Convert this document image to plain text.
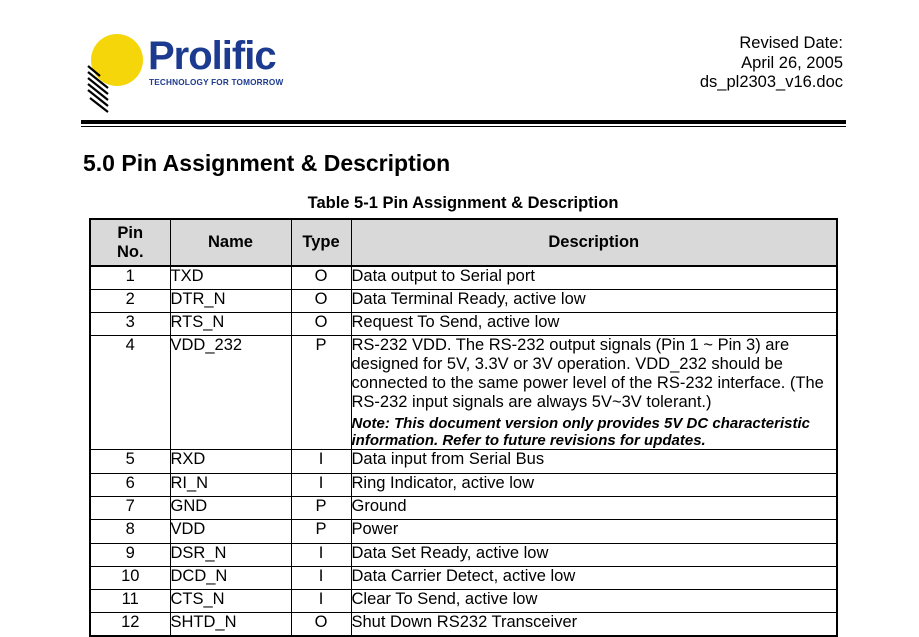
Prolific
TECHNOLOGY FOR TOMORROW
Revised Date:
April 26, 2005
ds_pl2303_v16.doc
5.0 Pin Assignment & Description
Table 5-1 Pin Assignment & Description
Pin
No.	Name	Type	Description
1	TXD	O	Data output to Serial port
2	DTR_N	O	Data Terminal Ready, active low
3	RTS_N	O	Request To Send, active low
4	VDD_232	P	RS-232 VDD. The RS-232 output signals (Pin 1 ~ Pin 3) are designed for 5V, 3.3V or 3V operation. VDD_232 should be connected to the same power level of the RS-232 interface. (The RS-232 input signals are always 5V~3V tolerant.)
Note: This document version only provides 5V DC characteristic information. Refer to future revisions for updates.

5	RXD	I	Data input from Serial Bus
6	RI_N	I	Ring Indicator, active low
7	GND	P	Ground
8	VDD	P	Power
9	DSR_N	I	Data Set Ready, active low
10	DCD_N	I	Data Carrier Detect, active low
11	CTS_N	I	Clear To Send, active low
12	SHTD_N	O	Shut Down RS232 Transceiver
